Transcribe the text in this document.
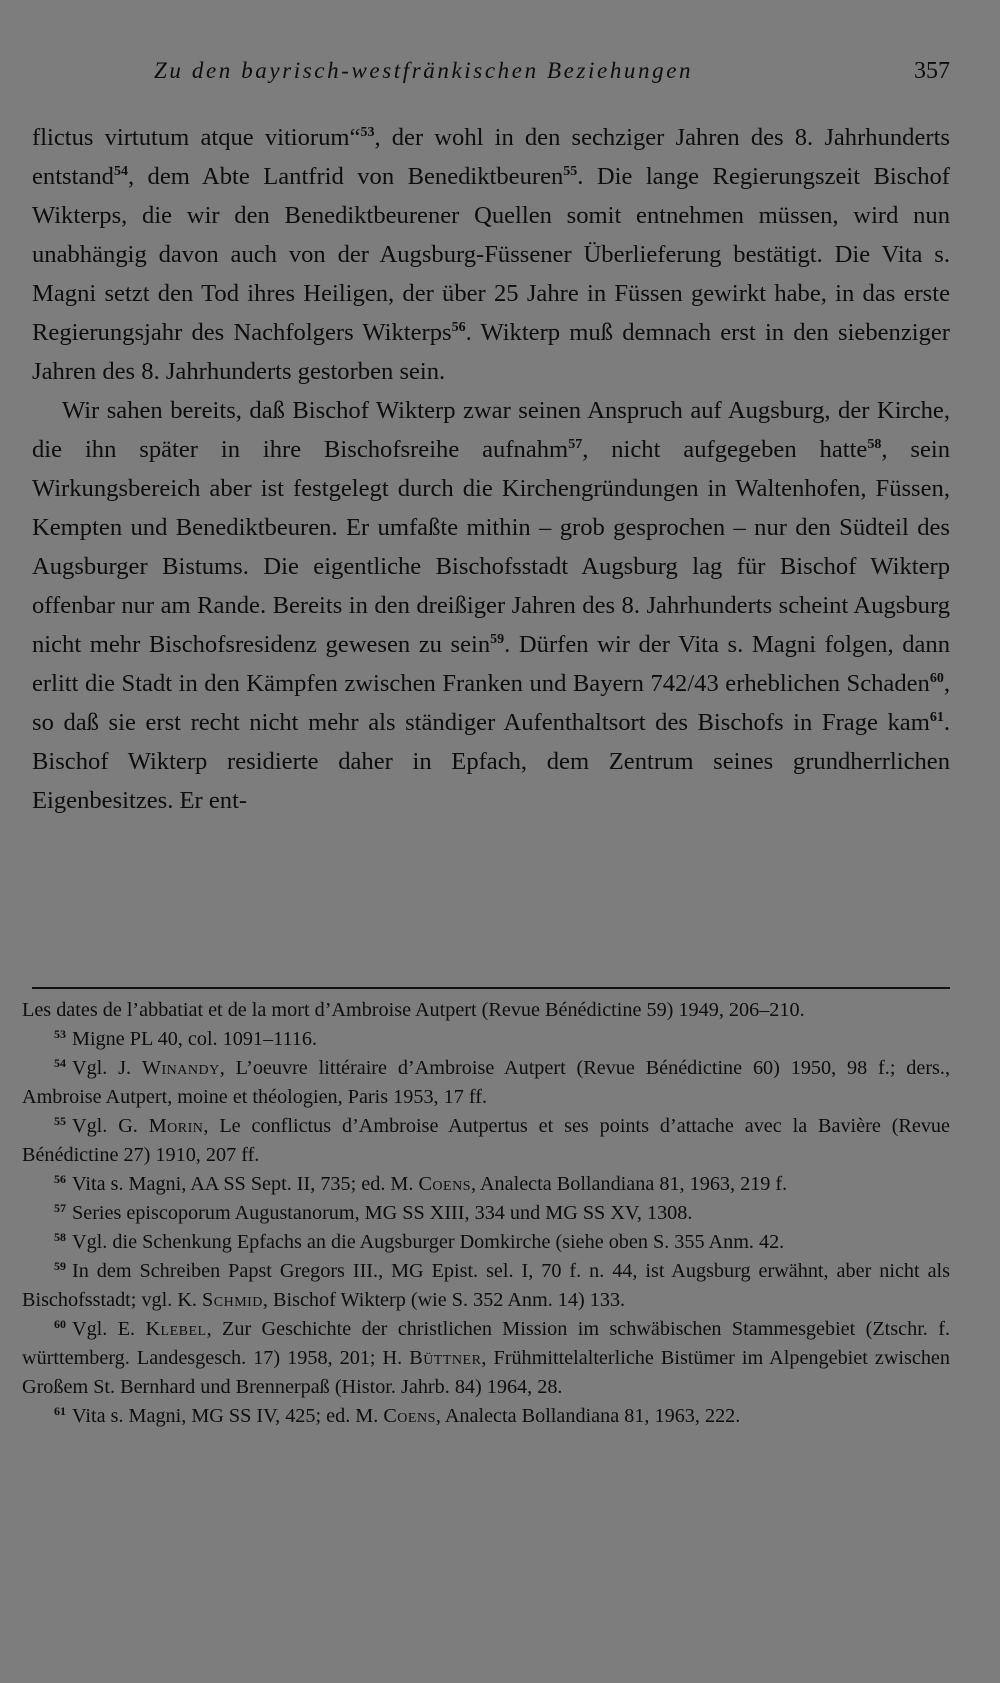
Zu den bayrisch-westfränkischen Beziehungen	357

flictus virtutum atque vitiorum“$^{53}$, der wohl in den sechziger Jahren des 8. Jahrhunderts entstand$^{54}$, dem Abte Lantfrid von Benediktbeuren$^{55}$. Die lange Regierungszeit Bischof Wikterps, die wir den Benediktbeurener Quellen somit entnehmen müssen, wird nun unabhängig davon auch von der Augsburg-Füssener Überlieferung bestätigt. Die Vita s. Magni setzt den Tod ihres Heiligen, der über 25 Jahre in Füssen gewirkt habe, in das erste Regierungsjahr des Nachfolgers Wikterps$^{56}$. Wikterp muß demnach erst in den siebenziger Jahren des 8. Jahrhunderts gestorben sein.

Wir sahen bereits, daß Bischof Wikterp zwar seinen Anspruch auf Augsburg, der Kirche, die ihn später in ihre Bischofsreihe aufnahm$^{57}$, nicht aufgegeben hatte$^{58}$, sein Wirkungsbereich aber ist festgelegt durch die Kirchengründungen in Waltenhofen, Füssen, Kempten und Benediktbeuren. Er umfaßte mithin – grob gesprochen – nur den Südteil des Augsburger Bistums. Die eigentliche Bischofsstadt Augsburg lag für Bischof Wikterp offenbar nur am Rande. Bereits in den dreißiger Jahren des 8. Jahrhunderts scheint Augsburg nicht mehr Bischofsresidenz gewesen zu sein$^{59}$. Dürfen wir der Vita s. Magni folgen, dann erlitt die Stadt in den Kämpfen zwischen Franken und Bayern 742/43 erheblichen Schaden$^{60}$, so daß sie erst recht nicht mehr als ständiger Aufenthaltsort des Bischofs in Frage kam$^{61}$. Bischof Wikterp residierte daher in Epfach, dem Zentrum seines grundherrlichen Eigenbesitzes. Er ent-

Les dates de l’abbatiat et de la mort d’Ambroise Autpert (Revue Bénédictine 59) 1949, 206–210.

$^{53}$ Migne PL 40, col. 1091–1116.

$^{54}$ Vgl. J. Winandy, L’oeuvre littéraire d’Ambroise Autpert (Revue Bénédictine 60) 1950, 98 f.; ders., Ambroise Autpert, moine et théologien, Paris 1953, 17 ff.

$^{55}$ Vgl. G. Morin, Le conflictus d’Ambroise Autpertus et ses points d’attache avec la Bavière (Revue Bénédictine 27) 1910, 207 ff.

$^{56}$ Vita s. Magni, AA SS Sept. II, 735; ed. M. Coens, Analecta Bollandiana 81, 1963, 219 f.

$^{57}$ Series episcoporum Augustanorum, MG SS XIII, 334 und MG SS XV, 1308.

$^{58}$ Vgl. die Schenkung Epfachs an die Augsburger Domkirche (siehe oben S. 355 Anm. 42.

$^{59}$ In dem Schreiben Papst Gregors III., MG Epist. sel. I, 70 f. n. 44, ist Augsburg erwähnt, aber nicht als Bischofsstadt; vgl. K. Schmid, Bischof Wikterp (wie S. 352 Anm. 14) 133.

$^{60}$ Vgl. E. Klebel, Zur Geschichte der christlichen Mission im schwäbischen Stammesgebiet (Ztschr. f. württemberg. Landesgesch. 17) 1958, 201; H. Büttner, Frühmittelalterliche Bistümer im Alpengebiet zwischen Großem St. Bernhard und Brennerpaß (Histor. Jahrb. 84) 1964, 28.

$^{61}$ Vita s. Magni, MG SS IV, 425; ed. M. Coens, Analecta Bollandiana 81, 1963, 222.
